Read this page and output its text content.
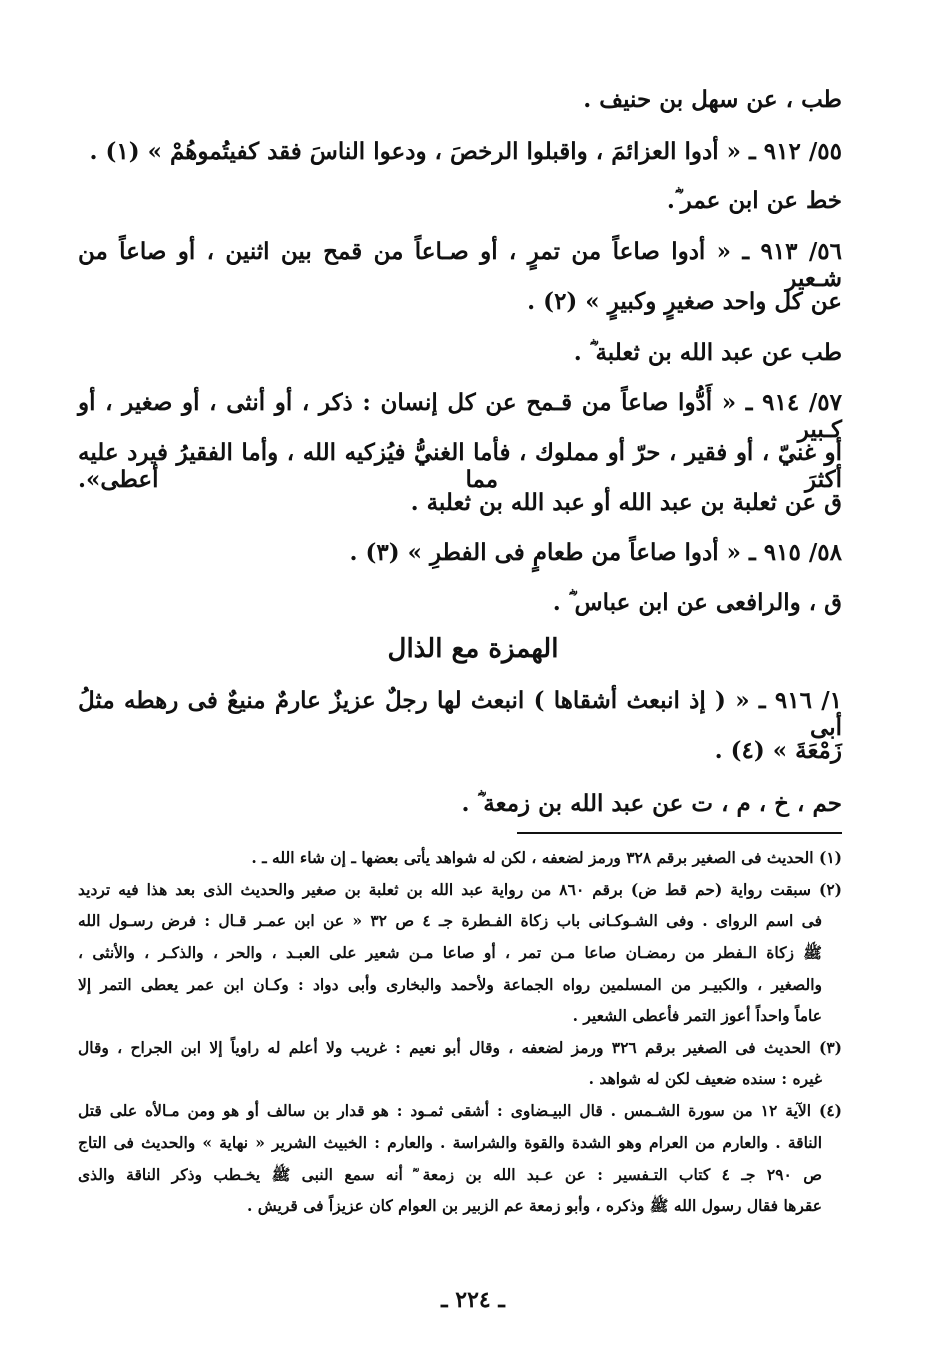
طب ، عن سهل بن حنيف .
٥٥/ ٩١٢ ـ « أدوا العزائمَ ، واقبلوا الرخصَ ، ودعوا الناسَ فقد كفيتُموهُمْ » (١) .
خط عن ابن عمر ؓ.
٥٦/ ٩١٣ ـ « أدوا صاعاً من تمرٍ ، أو صـاعاً من قمح بين اثنين ، أو صاعاً من شـعير
عن كل واحد صغيرٍ وكبيرٍ » (٢) .
طب عن عبد الله بن ثعلبة ؓ .
٥٧/ ٩١٤ ـ « أَدُّوا صاعاً من قـمح عن كل إنسان : ذكر ، أو أنثى ، أو صغير ، أو كـبير
أو غنيّ ، أو فقير ، حرّ أو مملوك ، فأما الغنيُّ فيُزكيه الله ، وأما الفقيرُ فيرد عليه أكثرَ مما أعطى».
ق عن ثعلبة بن عبد الله أو عبد الله بن ثعلبة .
٥٨/ ٩١٥ ـ « أدوا صاعاً من طعامٍ فى الفطرِ » (٣) .
ق ، والرافعى عن ابن عباس ؓ .
الهمزة مع الذال
١/ ٩١٦ ـ « ( إذ انبعث أشقاها ) انبعث لها رجلٌ عزيزٌ عارمٌ منيعٌ فى رهطه مثلُ أبى
زَمْعَةَ » (٤) .
حم ، خ ، م ، ت عن عبد الله بن زمعة ؓ .
(١) الحديث فى الصغير برقم ٣٢٨ ورمز لضعفه ، لكن له شواهد يأتى بعضها ـ إن شاء الله ـ .
(٢) سبقت رواية (حم قط ض) برقم ٨٦٠ من رواية عبد الله بن ثعلبة بن صغير والحديث الذى بعد هذا فيه ترديد
فى اسم الرواى . وفى الشـوكـانى باب زكاة الفـطرة جـ ٤ ص ٣٢ « عن ابن عمـر قـال : فرض رسـول الله
ﷺ زكاة الـفطر من رمضـان صاعا مـن تمر ، أو صاعا مـن شعير على العبـد ، والحر ، والذكـر ، والأنثى ،
والصغير ، والكبيـر من المسلمين رواه الجماعة ولأحمد والبخارى وأبى دواد : وكـان ابن عمر يعطى التمر إلا
عاماً واحداً أعوز التمر فأعطى الشعير .
(٣) الحديث فى الصغير برقم ٣٢٦ ورمز لضعفه ، وقال أبو نعيم : غريب ولا أعلم له راوياً إلا ابن الجراح ، وقال
غيره : سنده ضعيف لكن له شواهد .
(٤) الآية ١٢ من سورة الشـمس . قال البيـضاوى : أشقى ثمـود : هو قدار بن سالف أو هو ومن مـالأه على قتل
الناقة . والعارم من العرام وهو الشدة والقوة والشراسة . والعارم : الخبيث الشرير « نهاية » والحديث فى التاج
ص ٢٩٠ جـ ٤ كتاب التـفسير : عن عـبد الله بن زمعة ؓ أنه سمع النبى ﷺ يخـطب وذكر الناقة والذى
عقرها فقال رسول الله ﷺ وذكره ، وأبو زمعة عم الزبير بن العوام كان عزيزاً فى قريش .
ـ ٢٢٤ ـ
